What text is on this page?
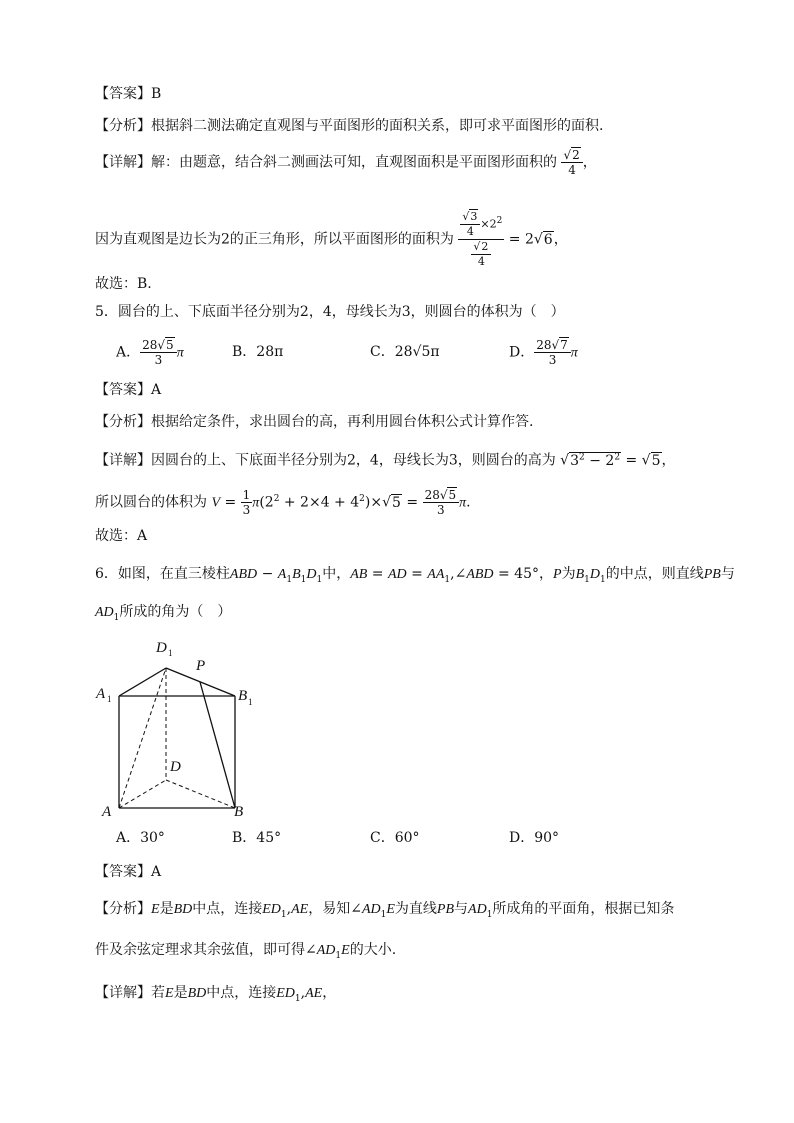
【答案】B
【分析】根据斜二测法确定直观图与平面图形的面积关系，即可求平面图形的面积.
【详解】解：由题意，结合斜二测画法可知，直观图面积是平面图形面积的 $\frac{√2}{4}$ ，
因为直观图是边长为2的正三角形，所以平面图形的面积为 $\frac{\frac{√3}{4} \times 2^2}{\frac{√2}{4}} = 2√6$，
故选：B.
5．圆台的上、下底面半径分别为2，4，母线长为3，则圆台的体积为（　）
A． $\frac{28√5}{3}$ π	B．28π	C．28√5π	D． $\frac{28√7}{3}$ π
【答案】A
【分析】根据给定条件，求出圆台的高，再利用圆台体积公式计算作答.
【详解】因圆台的上、下底面半径分别为2，4，母线长为3，则圆台的高为 $√3^2 - 2^2 = √5$，
所以圆台的体积为 $V = \frac{1}{3} \pi(2^2 + 2\times 4 + 4^2)\times√5 = \frac{28√5}{3} \pi$.
故选：A
6．如图，在直三棱柱ABD − $A_1B_1D_1$中，AB = AD = $AA_1,\angle ABD = 45^\circ$，P为$B_1D_1$的中点，则直线PB与
$AD_1$所成的角为（　）
D 1
P
A 1	B 1
D
A	B
A．30°	B．45°	C．60°	D．90°
【答案】A
【分析】E是BD中点，连接$ED_1,AE$，易知$\angle AD_1E$为直线PB与$AD_1$所成角的平面角，根据已知条
件及余弦定理求其余弦值，即可得$\angle AD_1E$的大小.
【详解】若E是BD中点，连接$ED_1,AE$，
